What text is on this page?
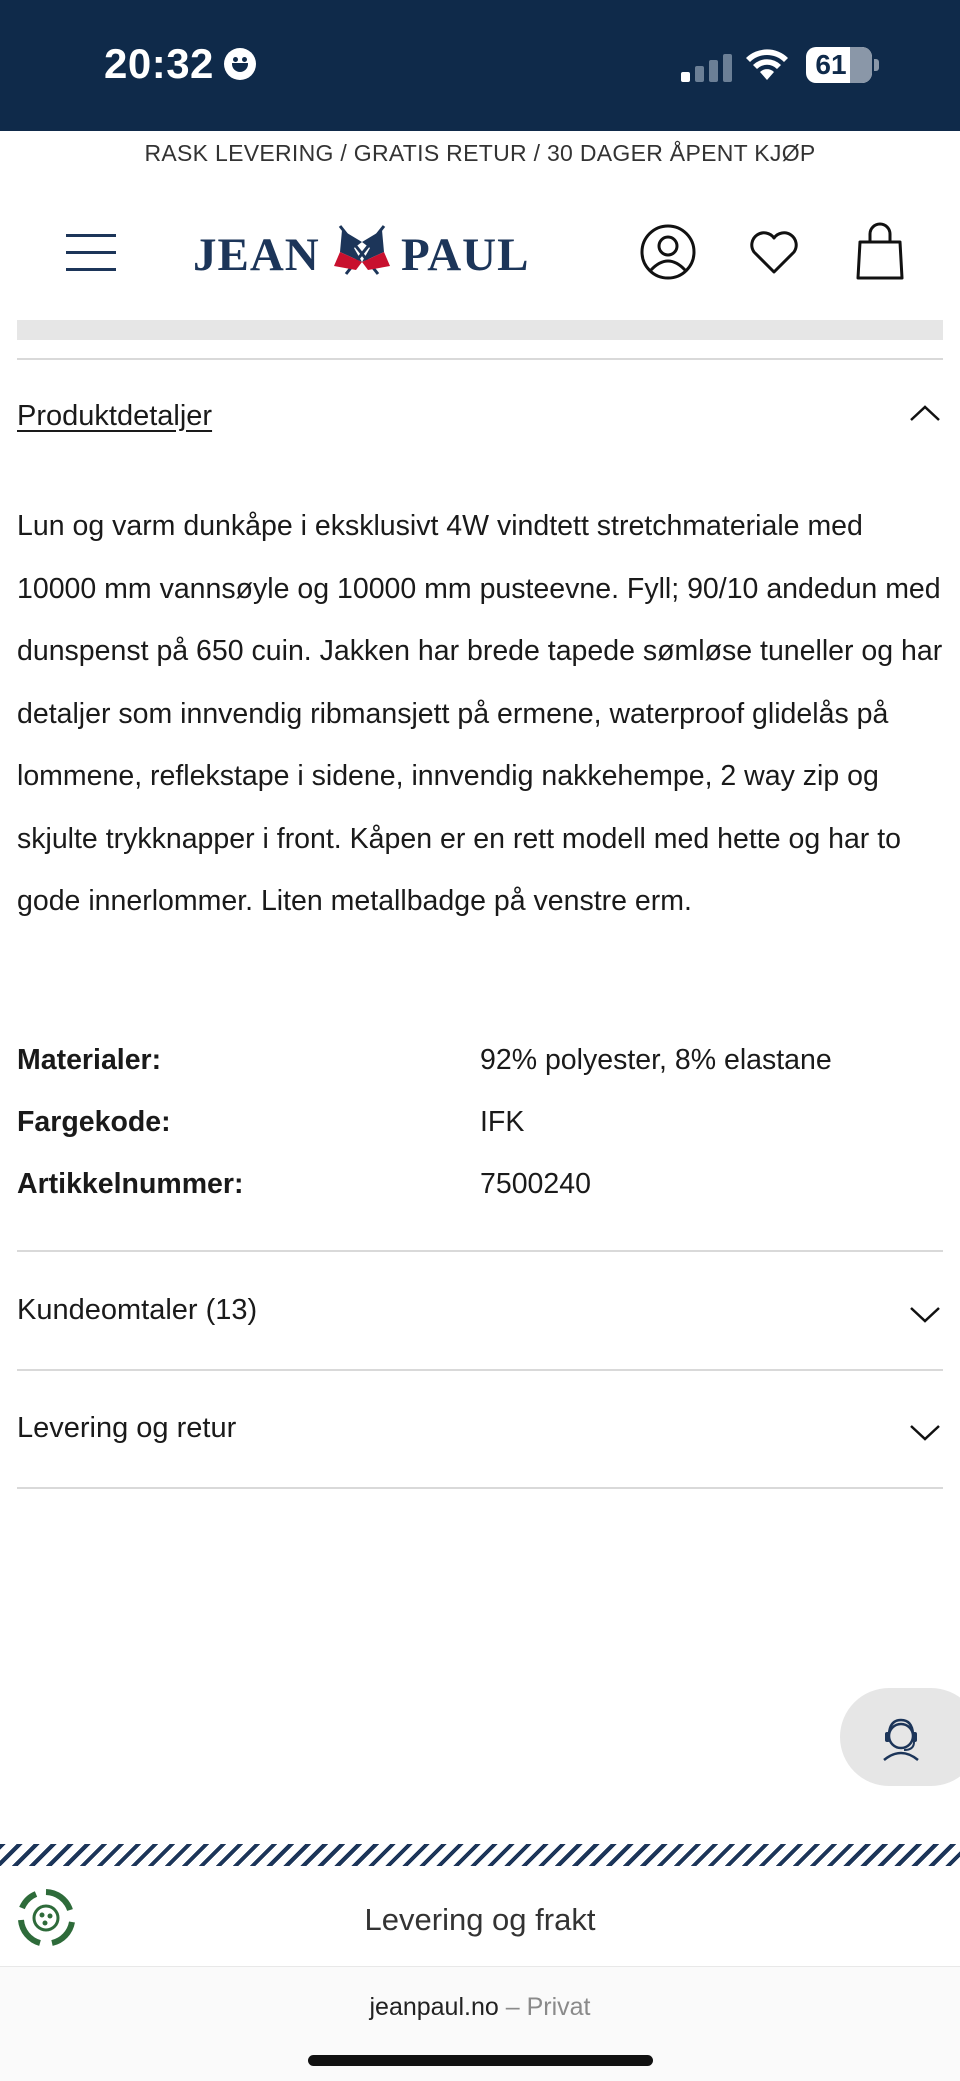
20:32	61
RASK LEVERING / GRATIS RETUR / 30 DAGER ÅPENT KJØP
JEAN PAUL
Produktdetaljer
Lun og varm dunkåpe i eksklusivt 4W vindtett stretchmateriale med 10000 mm vannsøyle og 10000 mm pusteevne. Fyll; 90/10 andedun med dunspenst på 650 cuin. Jakken har brede tapede sømløse tuneller og har detaljer som innvendig ribmansjett på ermene, waterproof glidelås på lommene, reflekstape i sidene, innvendig nakkehempe, 2 way zip og skjulte trykknapper i front. Kåpen er en rett modell med hette og har to gode innerlommer. Liten metallbadge på venstre erm.
Materialer:	92% polyester, 8% elastane
Fargekode:	IFK
Artikkelnummer:	7500240
Kundeomtaler (13)
Levering og retur
Levering og frakt
jeanpaul.no – Privat
